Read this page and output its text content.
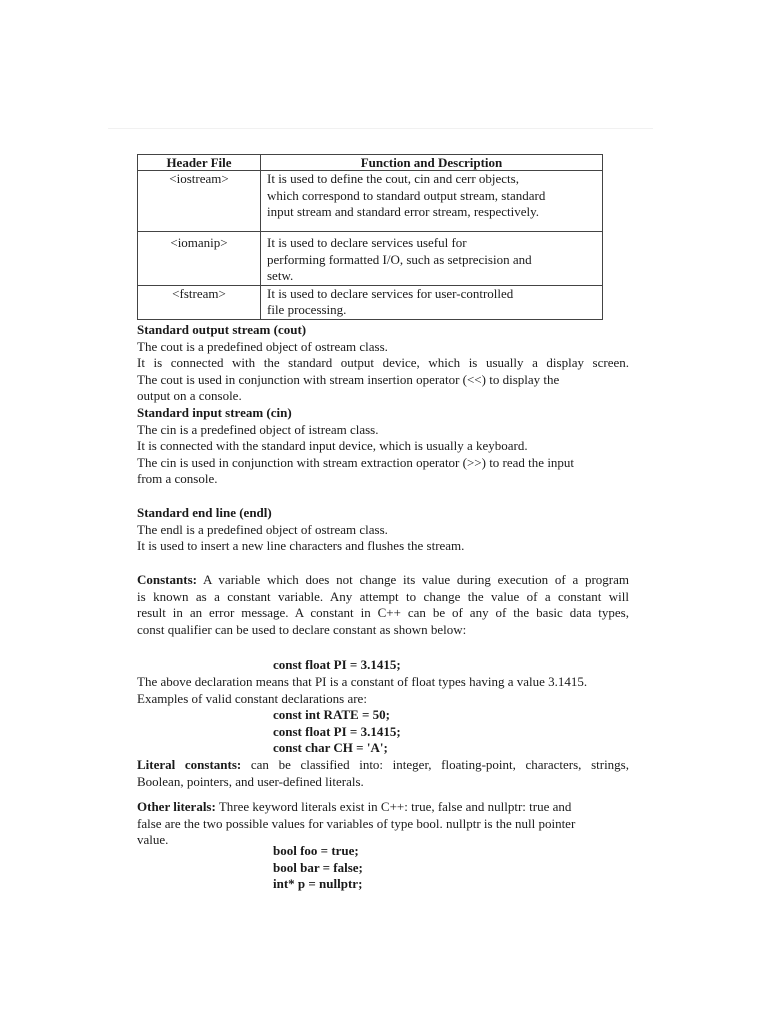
Header File	Function and Description
<iostream>	It is used to define the cout, cin and cerr objects,
which correspond to standard output stream, standard
input stream and standard error stream, respectively.

<iomanip>	It is used to declare services useful for
performing formatted I/O, such as setprecision and
setw.

<fstream>	It is used to declare services for user-controlled
file processing.

Standard output stream (cout)

The cout is a predefined object of ostream class.

It is connected with the standard output device, which is usually a display screen.

The cout is used in conjunction with stream insertion operator (<<) to display the

output on a console.

Standard input stream (cin)

The cin is a predefined object of istream class.

It is connected with the standard input device, which is usually a keyboard.

The cin is used in conjunction with stream extraction operator (>>) to read the input

from a console.

Standard end line (endl)

The endl is a predefined object of ostream class.

It is used to insert a new line characters and flushes the stream.

Constants: A variable which does not change its value during execution of a program

is known as a constant variable. Any attempt to change the value of a constant will

result in an error message. A constant in C++ can be of any of the basic data types,

const qualifier can be used to declare constant as shown below:

const float PI = 3.1415;

The above declaration means that PI is a constant of float types having a value 3.1415.

Examples of valid constant declarations are:

const int RATE = 50;

const float PI = 3.1415;

const char CH = 'A';

Literal constants: can be classified into: integer, floating-point, characters, strings,

Boolean, pointers, and user-defined literals.

Other literals: Three keyword literals exist in C++: true, false and nullptr: true and

false are the two possible values for variables of type bool. nullptr is the null pointer

value.

bool foo = true;

bool bar = false;

int* p = nullptr;
